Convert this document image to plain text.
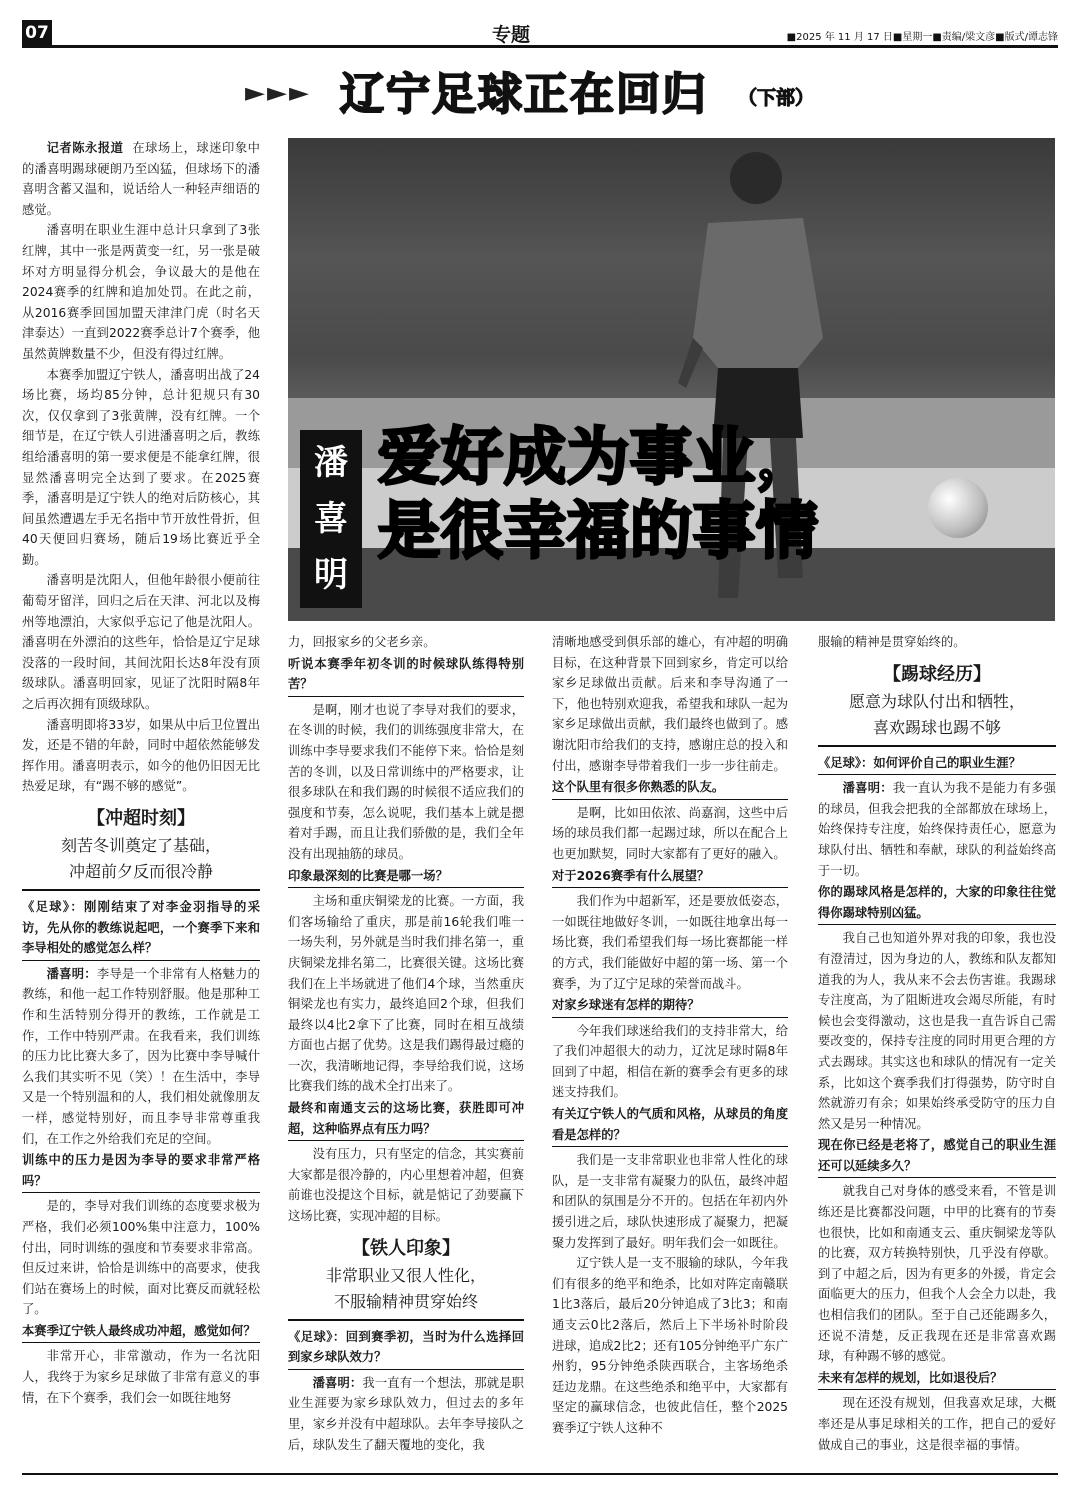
07	专题	■2025 年 11 月 17 日■星期一■责编/梁文彦■版式/谭志锋
►►► 辽宁足球正在回归 （下部）
潘喜明
爱好成为事业，
是很幸福的事情

记者陈永报道 在球场上，球迷印象中的潘喜明踢球硬朗乃至凶猛，但球场下的潘喜明含蓄又温和，说话给人一种轻声细语的感觉。

潘喜明在职业生涯中总计只拿到了3张红牌，其中一张是两黄变一红，另一张是破坏对方明显得分机会，争议最大的是他在2024赛季的红牌和追加处罚。在此之前，从2016赛季回国加盟天津津门虎（时名天津泰达）一直到2022赛季总计7个赛季，他虽然黄牌数量不少，但没有得过红牌。

本赛季加盟辽宁铁人，潘喜明出战了24场比赛，场均85分钟，总计犯规只有30次，仅仅拿到了3张黄牌，没有红牌。一个细节是，在辽宁铁人引进潘喜明之后，教练组给潘喜明的第一要求便是不能拿红牌，很显然潘喜明完全达到了要求。在2025赛季，潘喜明是辽宁铁人的绝对后防核心，其间虽然遭遇左手无名指中节开放性骨折，但40天便回归赛场，随后19场比赛近乎全勤。

潘喜明是沈阳人，但他年龄很小便前往葡萄牙留洋，回归之后在天津、河北以及梅州等地漂泊，大家似乎忘记了他是沈阳人。潘喜明在外漂泊的这些年，恰恰是辽宁足球没落的一段时间，其间沈阳长达8年没有顶级球队。潘喜明回家，见证了沈阳时隔8年之后再次拥有顶级球队。

潘喜明即将33岁，如果从中后卫位置出发，还是不错的年龄，同时中超依然能够发挥作用。潘喜明表示，如今的他仍旧因无比热爱足球，有“踢不够的感觉”。

【冲超时刻】
刻苦冬训奠定了基础，
冲超前夕反而很冷静
《足球》：刚刚结束了对李金羽指导的采访，先从你的教练说起吧，一个赛季下来和李导相处的感觉怎么样？

潘喜明：李导是一个非常有人格魅力的教练，和他一起工作特别舒服。他是那种工作和生活特别分得开的教练，工作就是工作，工作中特别严肃。在我看来，我们训练的压力比比赛大多了，因为比赛中李导喊什么我们其实听不见（笑）！在生活中，李导又是一个特别温和的人，我们相处就像朋友一样，感觉特别好，而且李导非常尊重我们，在工作之外给我们充足的空间。

训练中的压力是因为李导的要求非常严格吗？

是的，李导对我们训练的态度要求极为严格，我们必须100%集中注意力，100%付出，同时训练的强度和节奏要求非常高。但反过来讲，恰恰是训练中的高要求，使我们站在赛场上的时候，面对比赛反而就轻松了。

本赛季辽宁铁人最终成功冲超，感觉如何？

非常开心，非常激动，作为一名沈阳人，我终于为家乡足球做了非常有意义的事情，在下个赛季，我们会一如既往地努

力，回报家乡的父老乡亲。

听说本赛季年初冬训的时候球队练得特别苦？

是啊，刚才也说了李导对我们的要求，在冬训的时候，我们的训练强度非常大，在训练中李导要求我们不能停下来。恰恰是刻苦的冬训，以及日常训练中的严格要求，让很多球队在和我们踢的时候很不适应我们的强度和节奏，怎么说呢，我们基本上就是摁着对手踢，而且让我们骄傲的是，我们全年没有出现抽筋的球员。

印象最深刻的比赛是哪一场？

主场和重庆铜梁龙的比赛。一方面，我们客场输给了重庆，那是前16轮我们唯一一场失利，另外就是当时我们排名第一，重庆铜梁龙排名第二，比赛很关键。这场比赛我们在上半场就进了他们4个球，当然重庆铜梁龙也有实力，最终追回2个球，但我们最终以4比2拿下了比赛，同时在相互战绩方面也占据了优势。这是我们踢得最过瘾的一次，我清晰地记得，李导给我们说，这场比赛我们练的战术全打出来了。

最终和南通支云的这场比赛，获胜即可冲超，这种临界点有压力吗？

没有压力，只有坚定的信念，其实赛前大家都是很冷静的，内心里想着冲超，但赛前谁也没提这个目标，就是惦记了劲要赢下这场比赛，实现冲超的目标。

【铁人印象】
非常职业又很人性化，
不服输精神贯穿始终
《足球》：回到赛季初，当时为什么选择回到家乡球队效力？

潘喜明：我一直有一个想法，那就是职业生涯要为家乡球队效力，但过去的多年里，家乡并没有中超球队。去年李导接队之后，球队发生了翻天覆地的变化，我

清晰地感受到俱乐部的雄心，有冲超的明确目标，在这种背景下回到家乡，肯定可以给家乡足球做出贡献。后来和李导沟通了一下，他也特别欢迎我，希望我和球队一起为家乡足球做出贡献，我们最终也做到了。感谢沈阳市给我们的支持，感谢庄总的投入和付出，感谢李导带着我们一步一步往前走。

这个队里有很多你熟悉的队友。

是啊，比如田依浓、尚嘉润，这些中后场的球员我们都一起踢过球，所以在配合上也更加默契，同时大家都有了更好的融入。

对于2026赛季有什么展望？

我们作为中超新军，还是要放低姿态，一如既往地做好冬训，一如既往地拿出每一场比赛，我们希望我们每一场比赛都能一样的方式，我们能做好中超的第一场、第一个赛季，为了辽宁足球的荣誉而战斗。

对家乡球迷有怎样的期待？

今年我们球迷给我们的支持非常大，给了我们冲超很大的动力，辽沈足球时隔8年回到了中超，相信在新的赛季会有更多的球迷支持我们。

有关辽宁铁人的气质和风格，从球员的角度看是怎样的？

我们是一支非常职业也非常人性化的球队，是一支非常有凝聚力的队伍，最终冲超和团队的氛围是分不开的。包括在年初内外援引进之后，球队快速形成了凝聚力，把凝聚力发挥到了最好。明年我们会一如既往。

辽宁铁人是一支不服输的球队，今年我们有很多的绝平和绝杀，比如对阵定南赣联1比3落后，最后20分钟追成了3比3；和南通支云0比2落后，然后上下半场补时阶段进球，追成2比2；还有105分钟绝平广东广州豹，95分钟绝杀陕西联合，主客场绝杀廷边龙鼎。在这些绝杀和绝平中，大家都有坚定的赢球信念，也彼此信任，整个2025赛季辽宁铁人这种不

服输的精神是贯穿始终的。

【踢球经历】
愿意为球队付出和牺牲，
喜欢踢球也踢不够
《足球》：如何评价自己的职业生涯？

潘喜明：我一直认为我不是能力有多强的球员，但我会把我的全部都放在球场上，始终保持专注度，始终保持责任心，愿意为球队付出、牺牲和奉献，球队的利益始终高于一切。

你的踢球风格是怎样的，大家的印象往往觉得你踢球特别凶猛。

我自己也知道外界对我的印象，我也没有澄清过，因为身边的人，教练和队友都知道我的为人，我从来不会去伤害谁。我踢球专注度高，为了阻断进攻会竭尽所能，有时候也会变得激动，这也是我一直告诉自己需要改变的，保持专注度的同时用更合理的方式去踢球。其实这也和球队的情况有一定关系，比如这个赛季我们打得强势，防守时自然就游刃有余；如果始终承受防守的压力自然又是另一种情况。

现在你已经是老将了，感觉自己的职业生涯还可以延续多久？

就我自己对身体的感受来看，不管是训练还是比赛都没问题，中甲的比赛有的节奏也很快，比如和南通支云、重庆铜梁龙等队的比赛，双方转换特别快，几乎没有停歇。到了中超之后，因为有更多的外援，肯定会面临更大的压力，但我个人会全力以赴，我也相信我们的团队。至于自己还能踢多久，还说不清楚，反正我现在还是非常喜欢踢球，有种踢不够的感觉。

未来有怎样的规划，比如退役后？

现在还没有规划，但我喜欢足球，大概率还是从事足球相关的工作，把自己的爱好做成自己的事业，这是很幸福的事情。
